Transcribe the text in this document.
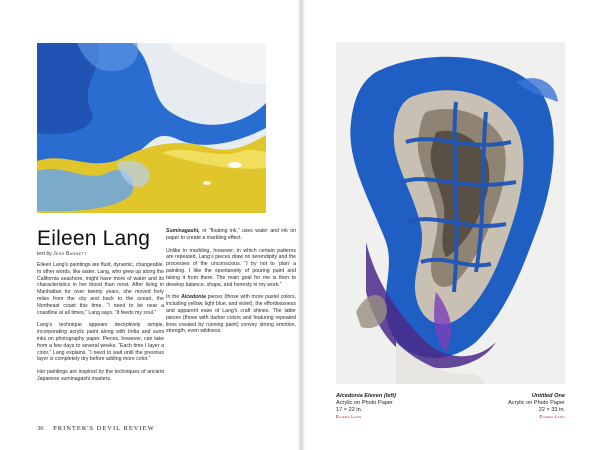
Eileen Lang
text by Jess Barnett

Eileen Lang’s paintings are fluid, dynamic, changeable. In other words, like water. Lang, who grew up along the California seashore, might have more of water and its characteristics in her blood than most. After living in Manhattan for over twenty years, she moved forty miles from the city and back to the ocean, the Northeast coast this time. “I need to be near a coastline at all times,” Lang says. “It feeds my soul.”

Lang’s technique appears deceptively simple, incorporating acrylic paint along with India and sumi inks on photography paper. Pieces, however, can take from a few days to several weeks. “Each time I layer a color,” Lang explains, “I need to wait until the previous layer is completely dry before adding more color.”

Her paintings are inspired by the techniques of ancient Japanese suminagashi masters.

Suminagashi, or “floating ink,” uses water and ink on paper to create a marbling effect.

Unlike in marbling, however, in which certain patterns are repeated, Lang’s pieces draw on serendipity and the processes of the unconscious. “I try not to ‘plan’ a painting. I like the spontaneity of pouring paint and taking it from there. The main goal for me is then to develop balance, shape, and honesty in my work.”

In the Alcedonia pieces (those with more pastel colors, including yellow, light blue, and violet), the effortlessness and apparent ease of Lang’s craft shines. The latter pieces (those with darker colors and featuring repeated lines created by running paint) convey strong emotion, strength, even wildness.

Alcedonia Eleven (left)
Acrylic on Photo Paper
17 × 22 in.
Eileen Lang
Untitled One
Acrylic on Photo Paper
22 × 33 in.
Eileen Lang
36 PRINTER'S DEVIL REVIEW
